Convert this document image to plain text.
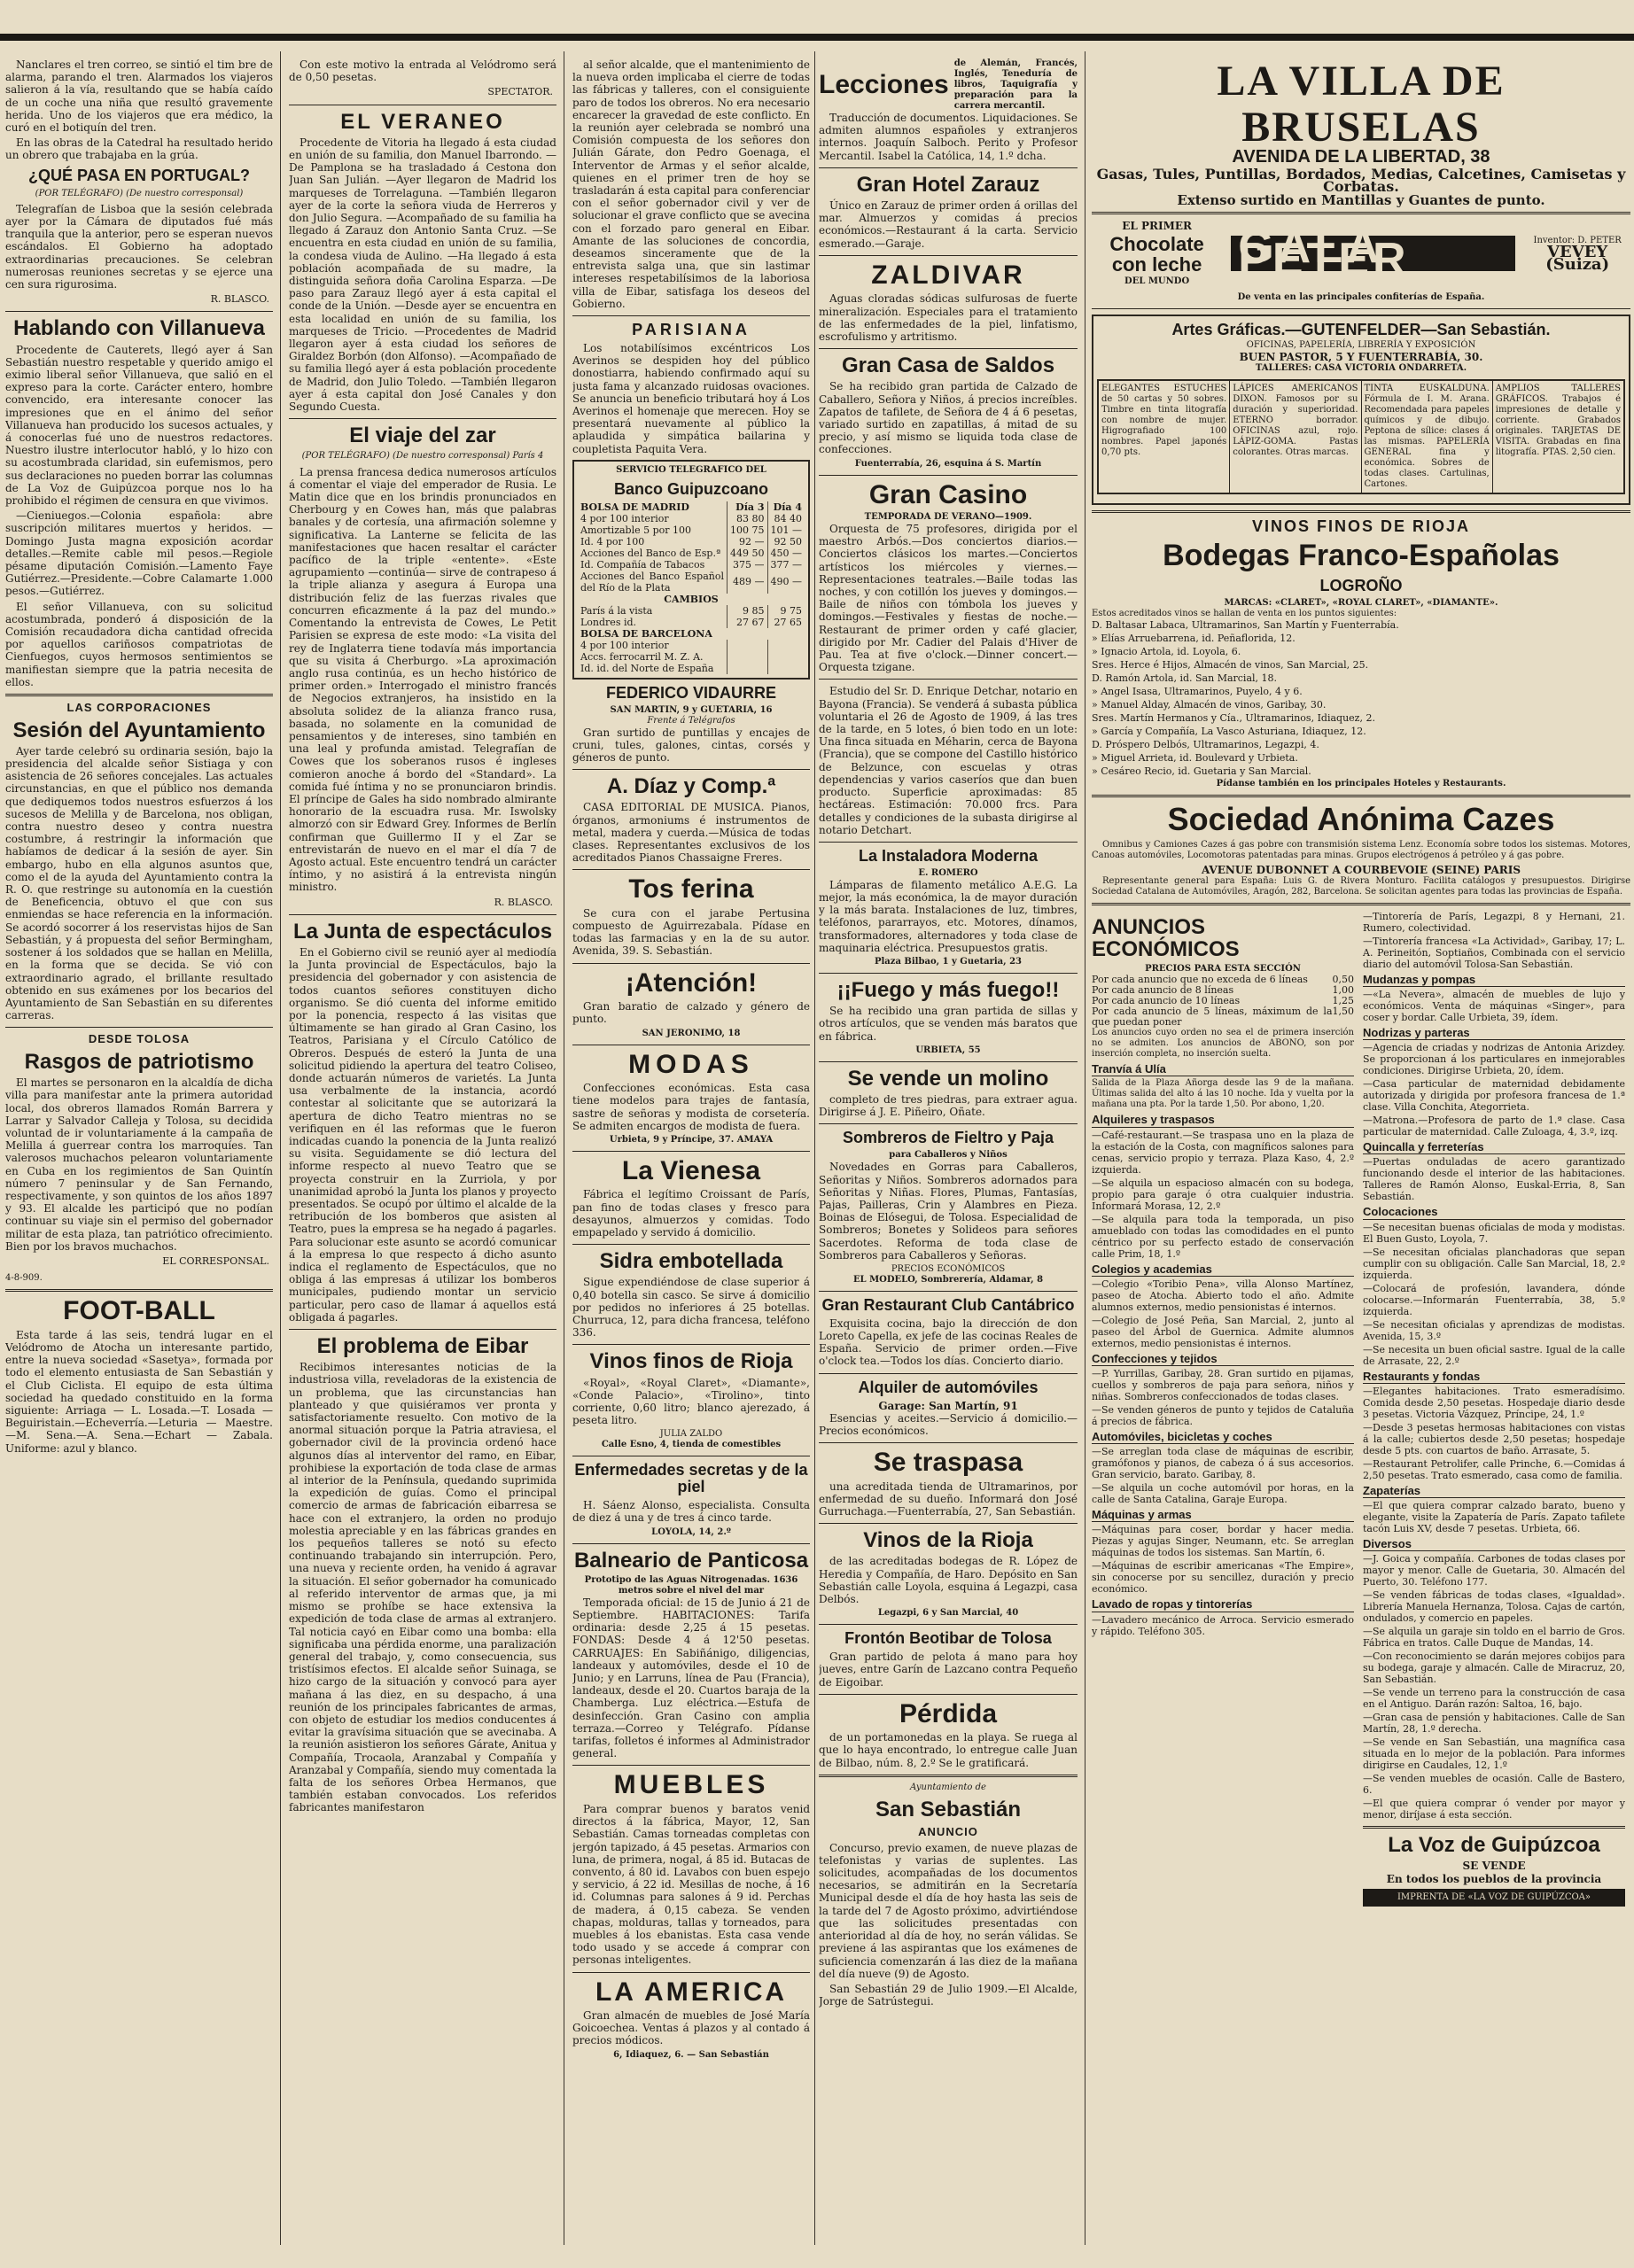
Nanclares el tren correo, se sintió el tim bre de alarma, parando el tren. Alarmados los viajeros salieron á la vía, resultando que se había caído de un coche una niña que resultó gravemente herida. Uno de los viajeros que era médico, la curó en el botiquín del tren.

En las obras de la Catedral ha resultado herido un obrero que trabajaba en la grúa.

¿QUÉ PASA EN PORTUGAL?
(POR TELÉGRAFO) (De nuestro corresponsal)

Telegrafían de Lisboa que la sesión celebrada ayer por la Cámara de diputados fué más tranquila que la anterior, pero se esperan nuevos escándalos. El Gobierno ha adoptado extraordinarias precauciones. Se celebran numerosas reuniones secretas y se ejerce una cen sura rigurosima.

R. BLASCO.
Hablando con Villanueva

Procedente de Cauterets, llegó ayer á San Sebastián nuestro respetable y querido amigo el eximio liberal señor Villanueva, que salió en el expreso para la corte. Carácter entero, hombre convencido, era interesante conocer las impresiones que en el ánimo del señor Villanueva han producido los sucesos actuales, y á conocerlas fué uno de nuestros redactores. Nuestro ilustre interlocutor habló, y lo hizo con su acostumbrada claridad, sin eufemismos, pero sus declaraciones no pueden borrar las columnas de La Voz de Guipúzcoa porque nos lo ha prohibido el régimen de censura en que vivimos.

—Cieniuegos.—Colonia española: abre suscripción militares muertos y heridos. —Domingo Justa magna exposición acordar detalles.—Remite cable mil pesos.—Regiole pésame diputación Comisión.—Lamento Faye Gutiérrez.—Presidente.—Cobre Calamarte 1.000 pesos.—Gutiérrez.

El señor Villanueva, con su solicitud acostumbrada, ponderó á disposición de la Comisión recaudadora dicha cantidad ofrecida por aquellos cariñosos compatriotas de Cienfuegos, cuyos hermosos sentimientos se manifiestan siempre que la patria necesita de ellos.

LAS CORPORACIONES
Sesión del Ayuntamiento

Ayer tarde celebró su ordinaria sesión, bajo la presidencia del alcalde señor Sistiaga y con asistencia de 26 señores concejales. Las actuales circunstancias, en que el público nos demanda que dediquemos todos nuestros esfuerzos á los sucesos de Melilla y de Barcelona, nos obligan, contra nuestro deseo y contra nuestra costumbre, á restringir la información que habíamos de dedicar á la sesión de ayer. Sin embargo, hubo en ella algunos asuntos que, como el de la ayuda del Ayuntamiento contra la R. O. que restringe su autonomía en la cuestión de Beneficencia, obtuvo el que con sus enmiendas se hace referencia en la información. Se acordó socorrer á los reservistas hijos de San Sebastián, y á propuesta del señor Bermingham, sostener á los soldados que se hallan en Melilla, en la forma que se decida. Se vió con extraordinario agrado, el brillante resultado obtenido en sus exámenes por los becarios del Ayuntamiento de San Sebastián en su diferentes carreras.

DESDE TOLOSA
Rasgos de patriotismo

El martes se personaron en la alcaldía de dicha villa para manifestar ante la primera autoridad local, dos obreros llamados Román Barrera y Larrar y Salvador Calleja y Tolosa, su decidida voluntad de ir voluntariamente á la campaña de Melilla á guerrear contra los marroquíes. Tan valerosos muchachos pelearon voluntariamente en Cuba en los regimientos de San Quintín número 7 peninsular y de San Fernando, respectivamente, y son quintos de los años 1897 y 93. El alcalde les participó que no podían continuar su viaje sin el permiso del gobernador militar de esta plaza, tan patriótico ofrecimiento. Bien por los bravos muchachos.

EL CORRESPONSAL.
4-8-909.
FOOT-BALL

Esta tarde á las seis, tendrá lugar en el Velódromo de Atocha un interesante partido, entre la nueva sociedad «Sasetya», formada por todo el elemento entusiasta de San Sebastián y el Club Ciclista. El equipo de esta última sociedad ha quedado constituido en la forma siguiente: Arriaga — L. Losada.—T. Losada — Beguiristain.—Echeverría.—Leturia — Maestre.—M. Sena.—A. Sena.—Echart — Zabala. Uniforme: azul y blanco.

Con este motivo la entrada al Velódromo será de 0,50 pesetas.

SPECTATOR.
EL VERANEO

Procedente de Vitoria ha llegado á esta ciudad en unión de su familia, don Manuel Ibarrondo. —De Pamplona se ha trasladado á Cestona don Juan San Julián. —Ayer llegaron de Madrid los marqueses de Torrelaguna. —También llegaron ayer de la corte la señora viuda de Herreros y don Julio Segura. —Acompañado de su familia ha llegado á Zarauz don Antonio Santa Cruz. —Se encuentra en esta ciudad en unión de su familia, la condesa viuda de Aulino. —Ha llegado á esta población acompañada de su madre, la distinguida señora doña Carolina Esparza. —De paso para Zarauz llegó ayer á esta capital el conde de la Unión. —Desde ayer se encuentra en esta localidad en unión de su familia, los marqueses de Tricio. —Procedentes de Madrid llegaron ayer á esta ciudad los señores de Giraldez Borbón (don Alfonso). —Acompañado de su familia llegó ayer á esta población procedente de Madrid, don Julio Toledo. —También llegaron ayer á esta capital don José Canales y don Segundo Cuesta.

El viaje del zar
(POR TELÉGRAFO) (De nuestro corresponsal) París 4

La prensa francesa dedica numerosos artículos á comentar el viaje del emperador de Rusia. Le Matin dice que en los brindis pronunciados en Cherbourg y en Cowes han, más que palabras banales y de cortesía, una afirmación solemne y significativa. La Lanterne se felicita de las manifestaciones que hacen resaltar el carácter pacífico de la triple «entente». «Este agrupamiento —continúa— sirve de contrapeso á la triple alianza y asegura á Europa una distribución feliz de las fuerzas rivales que concurren eficazmente á la paz del mundo.» Comentando la entrevista de Cowes, Le Petit Parisien se expresa de este modo: «La visita del rey de Inglaterra tiene todavía más importancia que su visita á Cherburgo. »La aproximación anglo rusa continúa, es un hecho histórico de primer orden.» Interrogado el ministro francés de Negocios extranjeros, ha insistido en la absoluta solidez de la alianza franco rusa, basada, no solamente en la comunidad de pensamientos y de intereses, sino también en una leal y profunda amistad. Telegrafían de Cowes que los soberanos rusos é ingleses comieron anoche á bordo del «Standard». La comida fué íntima y no se pronunciaron brindis. El príncipe de Gales ha sido nombrado almirante honorario de la escuadra rusa. Mr. Iswolsky almorzó con sir Edward Grey. Informes de Berlín confirman que Guillermo II y el Zar se entrevistarán de nuevo en el mar el día 7 de Agosto actual. Este encuentro tendrá un carácter íntimo, y no asistirá á la entrevista ningún ministro.

R. BLASCO.
La Junta de espectáculos

En el Gobierno civil se reunió ayer al mediodía la Junta provincial de Espectáculos, bajo la presidencia del gobernador y con asistencia de todos cuantos señores constituyen dicho organismo. Se dió cuenta del informe emitido por la ponencia, respecto á las visitas que últimamente se han girado al Gran Casino, los Teatros, Parisiana y el Círculo Católico de Obreros. Después de esteró la Junta de una solicitud pidiendo la apertura del teatro Coliseo, donde actuarán números de varietés. La Junta usa verbalmente de la instancia, acordó contestar al solicitante que se autorizará la apertura de dicho Teatro mientras no se verifiquen en él las reformas que le fueron indicadas cuando la ponencia de la Junta realizó su visita. Seguidamente se dió lectura del informe respecto al nuevo Teatro que se proyecta construir en la Zurriola, y por unanimidad aprobó la Junta los planos y proyecto presentados. Se ocupó por último el alcalde de la retribución de los bomberos que asisten al Teatro, pues la empresa se ha negado á pagarles. Para solucionar este asunto se acordó comunicar á la empresa lo que respecto á dicho asunto indica el reglamento de Espectáculos, que no obliga á las empresas á utilizar los bomberos municipales, pudiendo montar un servicio particular, pero caso de llamar á aquellos está obligada á pagarles.

El problema de Eibar

Recibimos interesantes noticias de la industriosa villa, reveladoras de la existencia de un problema, que las circunstancias han planteado y que quisiéramos ver pronta y satisfactoriamente resuelto. Con motivo de la anormal situación porque la Patria atraviesa, el gobernador civil de la provincia ordenó hace algunos días al interventor del ramo, en Eibar, prohibiese la exportación de toda clase de armas al interior de la Península, quedando suprimida la expedición de guías. Como el principal comercio de armas de fabricación eibarresa se hace con el extranjero, la orden no produjo molestia apreciable y en las fábricas grandes en los pequeños talleres se notó su efecto continuando trabajando sin interrupción. Pero, una nueva y reciente orden, ha venido á agravar la situación. El señor gobernador ha comunicado al referido interventor de armas que, ja mi mismo se prohíbe se hace extensiva la expedición de toda clase de armas al extranjero. Tal noticia cayó en Eibar como una bomba: ella significaba una pérdida enorme, una paralización general del trabajo, y, como consecuencia, sus tristísimos efectos. El alcalde señor Suinaga, se hizo cargo de la situación y convocó para ayer mañana á las diez, en su despacho, á una reunión de los principales fabricantes de armas, con objeto de estudiar los medios conducentes á evitar la gravísima situación que se avecinaba. A la reunión asistieron los señores Gárate, Anitua y Compañía, Trocaola, Aranzabal y Compañía y Aranzabal y Compañía, siendo muy comentada la falta de los señores Orbea Hermanos, que también estaban convocados. Los referidos fabricantes manifestaron

al señor alcalde, que el mantenimiento de la nueva orden implicaba el cierre de todas las fábricas y talleres, con el consiguiente paro de todos los obreros. No era necesario encarecer la gravedad de este conflicto. En la reunión ayer celebrada se nombró una Comisión compuesta de los señores don Julián Gárate, don Pedro Goenaga, el Interventor de Armas y el señor alcalde, quienes en el primer tren de hoy se trasladarán á esta capital para conferenciar con el señor gobernador civil y ver de solucionar el grave conflicto que se avecina con el forzado paro general en Eibar. Amante de las soluciones de concordia, deseamos sinceramente que de la entrevista salga una, que sin lastimar intereses respetabilísimos de la laboriosa villa de Eibar, satisfaga los deseos del Gobierno.

PARISIANA

Los notabilísimos excéntricos Los Averinos se despiden hoy del público donostiarra, habiendo confirmado aquí su justa fama y alcanzado ruidosas ovaciones. Se anuncia un beneficio tributará hoy á Los Averinos el homenaje que merecen. Hoy se presentará nuevamente al público la aplaudida y simpática bailarina y coupletista Paquita Vera.

SERVICIO TELEGRAFICO DEL
Banco Guipuzcoano
BOLSA DE MADRID	Día 3	Día 4
4 por 100 interior	83 80	84 40
Amortizable 5 por 100	100 75	101 —
Id. 4 por 100	92 —	92 50
Acciones del Banco de Esp.ª	449 50	450 —
Id. Compañía de Tabacos	375 —	377 —
Acciones del Banco Español del Río de la Plata	489 —	490 —
CAMBIOS		
París á la vista	9 85	9 75
Londres id.	27 67	27 65
BOLSA DE BARCELONA		
4 por 100 interior		
Accs. ferrocarril M. Z. A.		
Id. id. del Norte de España		
FEDERICO VIDAURRE
SAN MARTIN, 9 y GUETARIA, 16
Frente á Telégrafos

Gran surtido de puntillas y encajes de cruni, tules, galones, cintas, corsés y géneros de punto.

A. Díaz y Comp.ª

CASA EDITORIAL DE MUSICA. Pianos, órganos, armoniums é instrumentos de metal, madera y cuerda.—Música de todas clases. Representantes exclusivos de los acreditados Pianos Chassaigne Freres.

Tos ferina

Se cura con el jarabe Pertusina compuesto de Aguirrezabala. Pídase en todas las farmacias y en la de su autor. Avenida, 39. S. Sebastián.

¡Atención!

Gran baratio de calzado y género de punto.

SAN JERONIMO, 18
MODAS

Confecciones económicas. Esta casa tiene modelos para trajes de fantasía, sastre de señoras y modista de corsetería. Se admiten encargos de modista de fuera.

Urbieta, 9 y Príncipe, 37. AMAYA
La Vienesa

Fábrica el legítimo Croissant de París, pan fino de todas clases y fresco para desayunos, almuerzos y comidas. Todo empapelado y servido á domicilio.

Sidra embotellada

Sigue expendiéndose de clase superior á 0,40 botella sin casco. Se sirve á domicilio por pedidos no inferiores á 25 botellas. Churruca, 12, para dicha francesa, teléfono 336.

Vinos finos de Rioja

«Royal», «Royal Claret», «Diamante», «Conde Palacio», «Tirolino», tinto corriente, 0,60 litro; blanco ajerezado, á peseta litro.

JULIA ZALDO
Calle Esno, 4, tienda de comestibles
Enfermedades secretas y de la piel

H. Sáenz Alonso, especialista. Consulta de diez á una y de tres á cinco tarde.

LOYOLA, 14, 2.º
Balneario de Panticosa
Prototipo de las Aguas Nitrogenadas. 1636 metros sobre el nivel del mar

Temporada oficial: de 15 de Junio á 21 de Septiembre. HABITACIONES: Tarifa ordinaria: desde 2,25 á 15 pesetas. FONDAS: Desde 4 á 12'50 pesetas. CARRUAJES: En Sabiñánigo, diligencias, landeaux y automóviles, desde el 10 de Junio; y en Larruns, línea de Pau (Francia), landeaux, desde el 20. Cuartos baraja de la Chamberga. Luz eléctrica.—Estufa de desinfección. Gran Casino con amplia terraza.—Correo y Telégrafo. Pídanse tarifas, folletos é informes al Administrador general.

MUEBLES

Para comprar buenos y baratos venid directos á la fábrica, Mayor, 12, San Sebastián. Camas torneadas completas con jergón tapizado, á 45 pesetas. Armarios con luna, de primera, nogal, á 85 id. Butacas de convento, á 80 id. Lavabos con buen espejo y servicio, á 22 id. Mesillas de noche, á 16 id. Columnas para salones á 9 id. Perchas de madera, á 0,15 cabeza. Se venden chapas, molduras, tallas y torneados, para muebles á los ebanistas. Esta casa vende todo usado y se accede á comprar con personas inteligentes.

LA AMERICA

Gran almacén de muebles de José María Goicoechea. Ventas á plazos y al contado á precios módicos.

6, Idiaquez, 6. — San Sebastián
Lecciones
de Alemán, Francés, Inglés, Teneduría de libros, Taquigrafía y preparación para la carrera mercantil.

Traducción de documentos. Liquidaciones. Se admiten alumnos españoles y extranjeros internos. Joaquín Salboch. Perito y Profesor Mercantil. Isabel la Católica, 14, 1.º dcha.

Gran Hotel Zarauz

Único en Zarauz de primer orden á orillas del mar. Almuerzos y comidas á precios económicos.—Restaurant á la carta. Servicio esmerado.—Garaje.

ZALDIVAR

Aguas cloradas sódicas sulfurosas de fuerte mineralización. Especiales para el tratamiento de las enfermedades de la piel, linfatismo, escrofulismo y artritismo.

Gran Casa de Saldos

Se ha recibido gran partida de Calzado de Caballero, Señora y Niños, á precios increíbles. Zapatos de tafilete, de Señora de 4 á 6 pesetas, variado surtido en zapatillas, á mitad de su precio, y así mismo se liquida toda clase de confecciones.

Fuenterrabía, 26, esquina á S. Martín
Gran Casino
TEMPORADA DE VERANO—1909.

Orquesta de 75 profesores, dirigida por el maestro Arbós.—Dos conciertos diarios.—Conciertos clásicos los martes.—Conciertos artísticos los miércoles y viernes.—Representaciones teatrales.—Baile todas las noches, y con cotillón los jueves y domingos.—Baile de niños con tómbola los jueves y domingos.—Festivales y fiestas de noche.—Restaurant de primer orden y café glacier, dirigido por Mr. Cadier del Palais d'Hiver de Pau. Tea at five o'clock.—Dinner concert.—Orquesta tzigane.

Estudio del Sr. D. Enrique Detchar, notario en Bayona (Francia). Se venderá á subasta pública voluntaria el 26 de Agosto de 1909, á las tres de la tarde, en 5 lotes, ó bien todo en un lote: Una finca situada en Méharin, cerca de Bayona (Francia), que se compone del Castillo histórico de Belzunce, con escuelas y otras dependencias y varios caseríos que dan buen producto. Superficie aproximadas: 85 hectáreas. Estimación: 70.000 frcs. Para detalles y condiciones de la subasta dirigirse al notario Detchart.

La Instaladora Moderna
E. ROMERO

Lámparas de filamento metálico A.E.G. La mejor, la más económica, la de mayor duración y la más barata. Instalaciones de luz, timbres, teléfonos, pararrayos, etc. Motores, dínamos, transformadores, alternadores y toda clase de maquinaria eléctrica. Presupuestos gratis.

Plaza Bilbao, 1 y Guetaria, 23
¡¡Fuego y más fuego!!

Se ha recibido una gran partida de sillas y otros artículos, que se venden más baratos que en fábrica.

URBIETA, 55
Se vende un molino

completo de tres piedras, para extraer agua. Dirigirse á J. E. Piñeiro, Oñate.

Sombreros de Fieltro y Paja
para Caballeros y Niños

Novedades en Gorras para Caballeros, Señoritas y Niños. Sombreros adornados para Señoritas y Niñas. Flores, Plumas, Fantasías, Pajas, Pailleras, Crin y Alambres en Pieza. Boinas de Elósegui, de Tolosa. Especialidad de Sombreros; Bonetes y Solideos para señores Sacerdotes. Reforma de toda clase de Sombreros para Caballeros y Señoras.

PRECIOS ECONÓMICOS
EL MODELO, Sombrerería, Aldamar, 8
Gran Restaurant Club Cantábrico

Exquisita cocina, bajo la dirección de don Loreto Capella, ex jefe de las cocinas Reales de España. Servicio de primer orden.—Five o'clock tea.—Todos los días. Concierto diario.

Alquiler de automóviles
Garage: San Martín, 91

Esencias y aceites.—Servicio á domicilio.—Precios económicos.

Se traspasa

una acreditada tienda de Ultramarinos, por enfermedad de su dueño. Informará don José Gurruchaga.—Fuenterrabía, 27, San Sebastián.

Vinos de la Rioja

de las acreditadas bodegas de R. López de Heredia y Compañía, de Haro. Depósito en San Sebastián calle Loyola, esquina á Legazpi, casa Delbós.

Legazpi, 6 y San Marcial, 40
Frontón Beotibar de Tolosa

Gran partido de pelota á mano para hoy jueves, entre Garín de Lazcano contra Pequeño de Eigoibar.

Pérdida

de un portamonedas en la playa. Se ruega al que lo haya encontrado, lo entregue calle Juan de Bilbao, núm. 8, 2.º Se le gratificará.

Ayuntamiento de
San Sebastián
ANUNCIO

Concurso, previo examen, de nueve plazas de telefonistas y varias de suplentes. Las solicitudes, acompañadas de los documentos necesarios, se admitirán en la Secretaría Municipal desde el día de hoy hasta las seis de la tarde del 7 de Agosto próximo, advirtiéndose que las solicitudes presentadas con anterioridad al día de hoy, no serán válidas. Se previene á las aspirantas que los exámenes de suficiencia comenzarán á las diez de la mañana del día nueve (9) de Agosto.

San Sebastián 29 de Julio 1909.—El Alcalde, Jorge de Satrústegui.

LA VILLA DE BRUSELAS
AVENIDA DE LA LIBERTAD, 38
Gasas, Tules, Puntillas, Bordados, Medias, Calcetines, Camisetas y Corbatas.
Extenso surtido en Mantillas y Guantes de punto.
EL PRIMER
Chocolate con leche
DEL MUNDO
GALA PETER	Inventor: D. PETER
VEVEY (Suiza)
De venta en las principales confiterías de España.
Artes Gráficas.—GUTENFELDER—San Sebastián.
OFICINAS, PAPELERÍA, LIBRERÍA Y EXPOSICIÓN
BUEN PASTOR, 5 Y FUENTERRABÍA, 30.
TALLERES: CASA VICTORIA ONDARRETA.
ELEGANTES ESTUCHES de 50 cartas y 50 sobres. Timbre en tinta litografía con nombre de mujer. Higrografiado 100 nombres. Papel japonés 0,70 pts.
LÁPICES AMERICANOS DIXON. Famosos por su duración y superioridad. ETERNO borrador. OFICINAS azul, rojo. LÁPIZ-GOMA. Pastas colorantes. Otras marcas.
TINTA EUSKALDUNA. Fórmula de I. M. Arana. Recomendada para papeles químicos y de dibujo. Peptona de sílice: clases á las mismas. PAPELERÍA GENERAL fina y económica. Sobres de todas clases. Cartulinas, Cartones.
AMPLIOS TALLERES GRÁFICOS. Trabajos é impresiones de detalle y corriente. Grabados originales. TARJETAS DE VISITA. Grabadas en fina litografía. PTAS. 2,50 cien.
VINOS FINOS DE RIOJA
Bodegas Franco-Españolas
LOGROÑO
MARCAS: «CLARET», «ROYAL CLARET», «DIAMANTE».
Estos acreditados vinos se hallan de venta en los puntos siguientes:
D. Baltasar Labaca, Ultramarinos, San Martín y Fuenterrabía.
» Elías Arruebarrena, id. Peñaflorida, 12.
» Ignacio Artola, id. Loyola, 6.
Sres. Herce é Hijos, Almacén de vinos, San Marcial, 25.
D. Ramón Artola, id. San Marcial, 18.
» Angel Isasa, Ultramarinos, Puyelo, 4 y 6.
» Manuel Alday, Almacén de vinos, Garibay, 30.
Sres. Martín Hermanos y Cía., Ultramarinos, Idiaquez, 2.
» García y Compañía, La Vasco Asturiana, Idiaquez, 12.
D. Próspero Delbós, Ultramarinos, Legazpi, 4.
» Miguel Arrieta, id. Boulevard y Urbieta.
» Cesáreo Recio, id. Guetaria y San Marcial.
Pídanse también en los principales Hoteles y Restaurants.
Sociedad Anónima Cazes

Omnibus y Camiones Cazes á gas pobre con transmisión sistema Lenz. Economía sobre todos los sistemas. Motores, Canoas automóviles, Locomotoras patentadas para minas. Grupos electrógenos á petróleo y á gas pobre.

AVENUE DUBONNET A COURBEVOIE (SEINE) PARIS

Representante general para España: Luis G. de Rivera Monturo. Facilita catálogos y presupuestos. Dirigirse Sociedad Catalana de Automóviles, Aragón, 282, Barcelona. Se solicitan agentes para todas las provincias de España.

ANUNCIOS ECONÓMICOS
PRECIOS PARA ESTA SECCIÓN
Por cada anuncio que no exceda de 6 líneas	0,50
Por cada anuncio de 8 líneas	1,00
Por cada anuncio de 10 líneas	1,25
Por cada anuncio de 5 líneas, máximum de la que puedan poner
1,50
Los anuncios cuyo orden no sea el de primera inserción no se admiten. Los anuncios de ABONO, son por inserción completa, no inserción suelta.
Tranvía á Ulía
Salida de la Plaza Añorga desde las 9 de la mañana. Últimas salida del alto á las 10 noche. Ida y vuelta por la mañana una pta. Por la tarde 1,50. Por abono, 1,20.
Alquileres y traspasos
—Café-restaurant.—Se traspasa uno en la plaza de la estación de la Costa, con magníficos salones para cenas, servicio propio y terraza. Plaza Kaso, 4, 2.º izquierda.
—Se alquila un espacioso almacén con su bodega, propio para garaje ó otra cualquier industria. Informará Morasa, 12, 2.º
—Se alquila para toda la temporada, un piso amueblado con todas las comodidades en el punto céntrico por su perfecto estado de conservación calle Prim, 18, 1.º
Colegios y academias
—Colegio «Toribio Pena», villa Alonso Martínez, paseo de Atocha. Abierto todo el año. Admite alumnos externos, medio pensionistas é internos.
—Colegio de José Peña, San Marcial, 2, junto al paseo del Árbol de Guernica. Admite alumnos externos, medio pensionistas é internos.
Confecciones y tejidos
—P. Yurrillas, Garibay, 28. Gran surtido en pijamas, cuellos y sombreros de paja para señora, niños y niñas. Sombreros confeccionados de todas clases.
—Se venden géneros de punto y tejidos de Cataluña á precios de fábrica.
Automóviles, bicicletas y coches
—Se arreglan toda clase de máquinas de escribir, gramófonos y pianos, de cabeza ó á sus accesorios. Gran servicio, barato. Garibay, 8.
—Se alquila un coche automóvil por horas, en la calle de Santa Catalina, Garaje Europa.
Máquinas y armas
—Máquinas para coser, bordar y hacer media. Piezas y agujas Singer, Neumann, etc. Se arreglan máquinas de todos los sistemas. San Martín, 6.
—Máquinas de escribir americanas «The Empire», sin conocerse por su sencillez, duración y precio económico.
Lavado de ropas y tintorerías
—Lavadero mecánico de Arroca. Servicio esmerado y rápido. Teléfono 305.
—Tintorería de París, Legazpi, 8 y Hernani, 21. Rumero, colectividad.
—Tintorería francesa «La Actividad», Garibay, 17; L. A. Perineitón, Soptiaños, Combinada con el servicio diario del automóvil Tolosa-San Sebastián.
Mudanzas y pompas
—«La Nevera», almacén de muebles de lujo y económicos. Venta de máquinas «Singer», para coser y bordar. Calle Urbieta, 39, ídem.
Nodrizas y parteras
—Agencia de criadas y nodrizas de Antonia Arizdey. Se proporcionan á los particulares en inmejorables condiciones. Dirigirse Urbieta, 20, ídem.
—Casa particular de maternidad debidamente autorizada y dirigida por profesora francesa de 1.ª clase. Villa Conchita, Ategorrieta.
—Matrona.—Profesora de parto de 1.ª clase. Casa particular de maternidad. Calle Zuloaga, 4, 3.º, izq.
Quincalla y ferreterías
—Puertas onduladas de acero garantizado funcionando desde el interior de las habitaciones. Talleres de Ramón Alonso, Euskal-Erria, 8, San Sebastián.
Colocaciones
—Se necesitan buenas oficialas de moda y modistas. El Buen Gusto, Loyola, 7.
—Se necesitan oficialas planchadoras que sepan cumplir con su obligación. Calle San Marcial, 18, 2.º izquierda.
—Colocará de profesión, lavandera, dónde colocarse.—Informarán Fuenterrabía, 38, 5.º izquierda.
—Se necesitan oficialas y aprendizas de modistas. Avenida, 15, 3.º
—Se necesita un buen oficial sastre. Igual de la calle de Arrasate, 22, 2.º
Restaurants y fondas
—Elegantes habitaciones. Trato esmeradísimo. Comida desde 2,50 pesetas. Hospedaje diario desde 3 pesetas. Victoria Vázquez, Príncipe, 24, 1.º
—Desde 3 pesetas hermosas habitaciones con vistas á la calle; cubiertos desde 2,50 pesetas; hospedaje desde 5 pts. con cuartos de baño. Arrasate, 5.
—Restaurant Petrolifer, calle Prinche, 6.—Comidas á 2,50 pesetas. Trato esmerado, casa como de familia.
Zapaterías
—El que quiera comprar calzado barato, bueno y elegante, visite la Zapatería de París. Zapato tafilete tacón Luis XV, desde 7 pesetas. Urbieta, 66.
Diversos
—J. Goica y compañía. Carbones de todas clases por mayor y menor. Calle de Guetaria, 30. Almacén del Puerto, 30. Teléfono 177.
—Se venden fábricas de todas clases, «Igualdad». Librería Manuela Hernanza, Tolosa. Cajas de cartón, ondulados, y comercio en papeles.
—Se alquila un garaje sin toldo en el barrio de Gros. Fábrica en tratos. Calle Duque de Mandas, 14.
—Con reconocimiento se darán mejores cobijos para su bodega, garaje y almacén. Calle de Miracruz, 20, San Sebastián.
—Se vende un terreno para la construcción de casa en el Antiguo. Darán razón: Saltoa, 16, bajo.
—Gran casa de pensión y habitaciones. Calle de San Martín, 28, 1.º derecha.
—Se vende en San Sebastián, una magnífica casa situada en lo mejor de la población. Para informes dirigirse en Caudales, 12, 1.º
—Se venden muebles de ocasión. Calle de Bastero, 6.
—El que quiera comprar ó vender por mayor y menor, diríjase á esta sección.
La Voz de Guipúzcoa
SE VENDE
En todos los pueblos de la provincia
IMPRENTA DE «LA VOZ DE GUIPÚZCOA»
